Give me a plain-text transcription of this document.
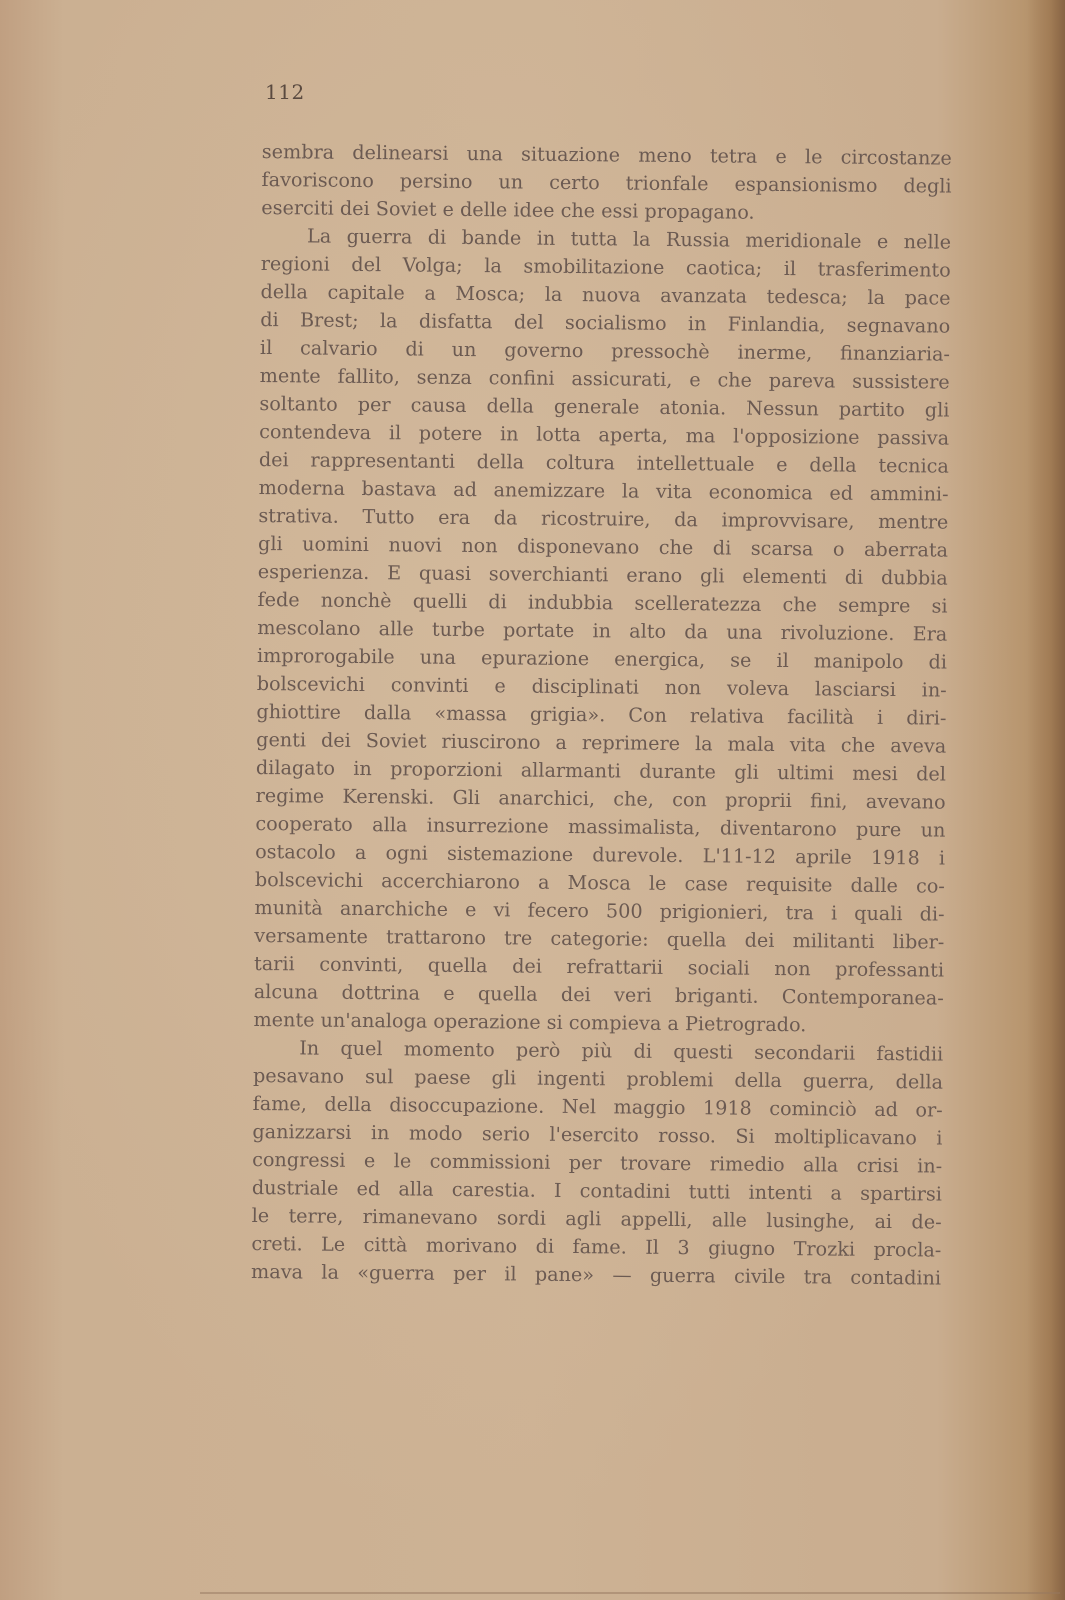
112
sembra delinearsi una situazione meno tetra e le circostanze
favoriscono persino un certo trionfale espansionismo degli
eserciti dei Soviet e delle idee che essi propagano.
La guerra di bande in tutta la Russia meridionale e nelle
regioni del Volga; la smobilitazione caotica; il trasferimento
della capitale a Mosca; la nuova avanzata tedesca; la pace
di Brest; la disfatta del socialismo in Finlandia, segnavano
il calvario di un governo pressochè inerme, finanziaria-
mente fallito, senza confini assicurati, e che pareva sussistere
soltanto per causa della generale atonia. Nessun partito gli
contendeva il potere in lotta aperta, ma l'opposizione passiva
dei rappresentanti della coltura intellettuale e della tecnica
moderna bastava ad anemizzare la vita economica ed ammini-
strativa. Tutto era da ricostruire, da improvvisare, mentre
gli uomini nuovi non disponevano che di scarsa o aberrata
esperienza. E quasi soverchianti erano gli elementi di dubbia
fede nonchè quelli di indubbia scelleratezza che sempre si
mescolano alle turbe portate in alto da una rivoluzione. Era
improrogabile una epurazione energica, se il manipolo di
bolscevichi convinti e disciplinati non voleva lasciarsi in-
ghiottire dalla «massa grigia». Con relativa facilità i diri-
genti dei Soviet riuscirono a reprimere la mala vita che aveva
dilagato in proporzioni allarmanti durante gli ultimi mesi del
regime Kerenski. Gli anarchici, che, con proprii fini, avevano
cooperato alla insurrezione massimalista, diventarono pure un
ostacolo a ogni sistemazione durevole. L'11-12 aprile 1918 i
bolscevichi accerchiarono a Mosca le case requisite dalle co-
munità anarchiche e vi fecero 500 prigionieri, tra i quali di-
versamente trattarono tre categorie: quella dei militanti liber-
tarii convinti, quella dei refrattarii sociali non professanti
alcuna dottrina e quella dei veri briganti. Contemporanea-
mente un'analoga operazione si compieva a Pietrogrado.
In quel momento però più di questi secondarii fastidii
pesavano sul paese gli ingenti problemi della guerra, della
fame, della disoccupazione. Nel maggio 1918 cominciò ad or-
ganizzarsi in modo serio l'esercito rosso. Si moltiplicavano i
congressi e le commissioni per trovare rimedio alla crisi in-
dustriale ed alla carestia. I contadini tutti intenti a spartirsi
le terre, rimanevano sordi agli appelli, alle lusinghe, ai de-
creti. Le città morivano di fame. Il 3 giugno Trozki procla-
mava la «guerra per il pane» — guerra civile tra contadini
